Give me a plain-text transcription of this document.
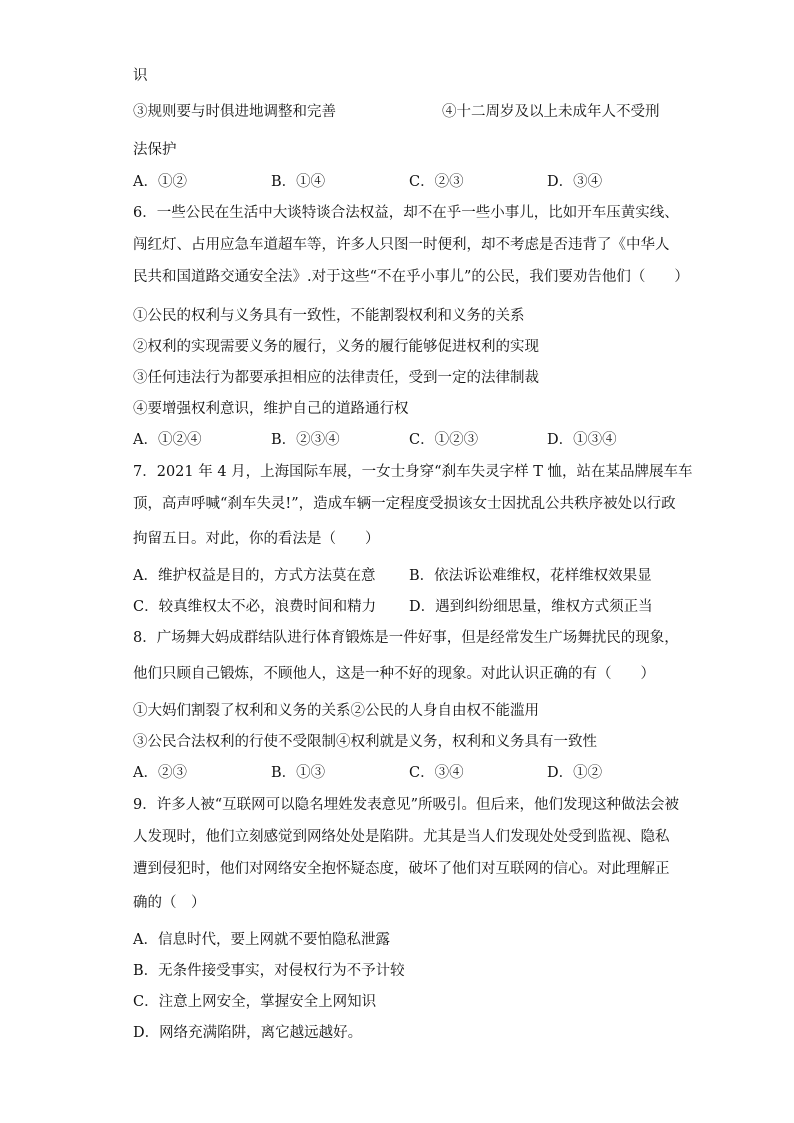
识
③规则要与时俱进地调整和完善	④十二周岁及以上未成年人不受刑
法保护
A．①②	B．①④	C．②③	D．③④
6．一些公民在生活中大谈特谈合法权益，却不在乎一些小事儿，比如开车压黄实线、
闯红灯、占用应急车道超车等，许多人只图一时便利，却不考虑是否违背了《中华人
民共和国道路交通安全法》.对于这些“不在乎小事儿”的公民，我们要劝告他们（　　）
①公民的权利与义务具有一致性，不能割裂权利和义务的关系
②权利的实现需要义务的履行，义务的履行能够促进权利的实现
③任何违法行为都要承担相应的法律责任，受到一定的法律制裁
④要增强权利意识，维护自己的道路通行权
A．①②④	B．②③④	C．①②③	D．①③④
7．2021 年 4 月，上海国际车展，一女士身穿“刹车失灵字样 T 恤，站在某品牌展车车
顶，高声呼喊“刹车失灵!”，造成车辆一定程度受损该女士因扰乱公共秩序被处以行政
拘留五日。对此，你的看法是（　　）
A．维护权益是目的，方式方法莫在意 B．依法诉讼难维权，花样维权效果显
C．较真维权太不必，浪费时间和精力 D．遇到纠纷细思量，维权方式须正当
8．广场舞大妈成群结队进行体育锻炼是一件好事，但是经常发生广场舞扰民的现象，
他们只顾自己锻炼，不顾他人，这是一种不好的现象。对此认识正确的有（　　）
①大妈们割裂了权利和义务的关系②公民的人身自由权不能滥用
③公民合法权利的行使不受限制④权利就是义务，权利和义务具有一致性
A．②③	B．①③	C．③④	D．①②
9．许多人被“互联网可以隐名埋姓发表意见”所吸引。但后来，他们发现这种做法会被
人发现时，他们立刻感觉到网络处处是陷阱。尤其是当人们发现处处受到监视、隐私
遭到侵犯时，他们对网络安全抱怀疑态度，破坏了他们对互联网的信心。对此理解正
确的（　）
A．信息时代，要上网就不要怕隐私泄露
B．无条件接受事实，对侵权行为不予计较
C．注意上网安全，掌握安全上网知识
D．网络充满陷阱，离它越远越好。
